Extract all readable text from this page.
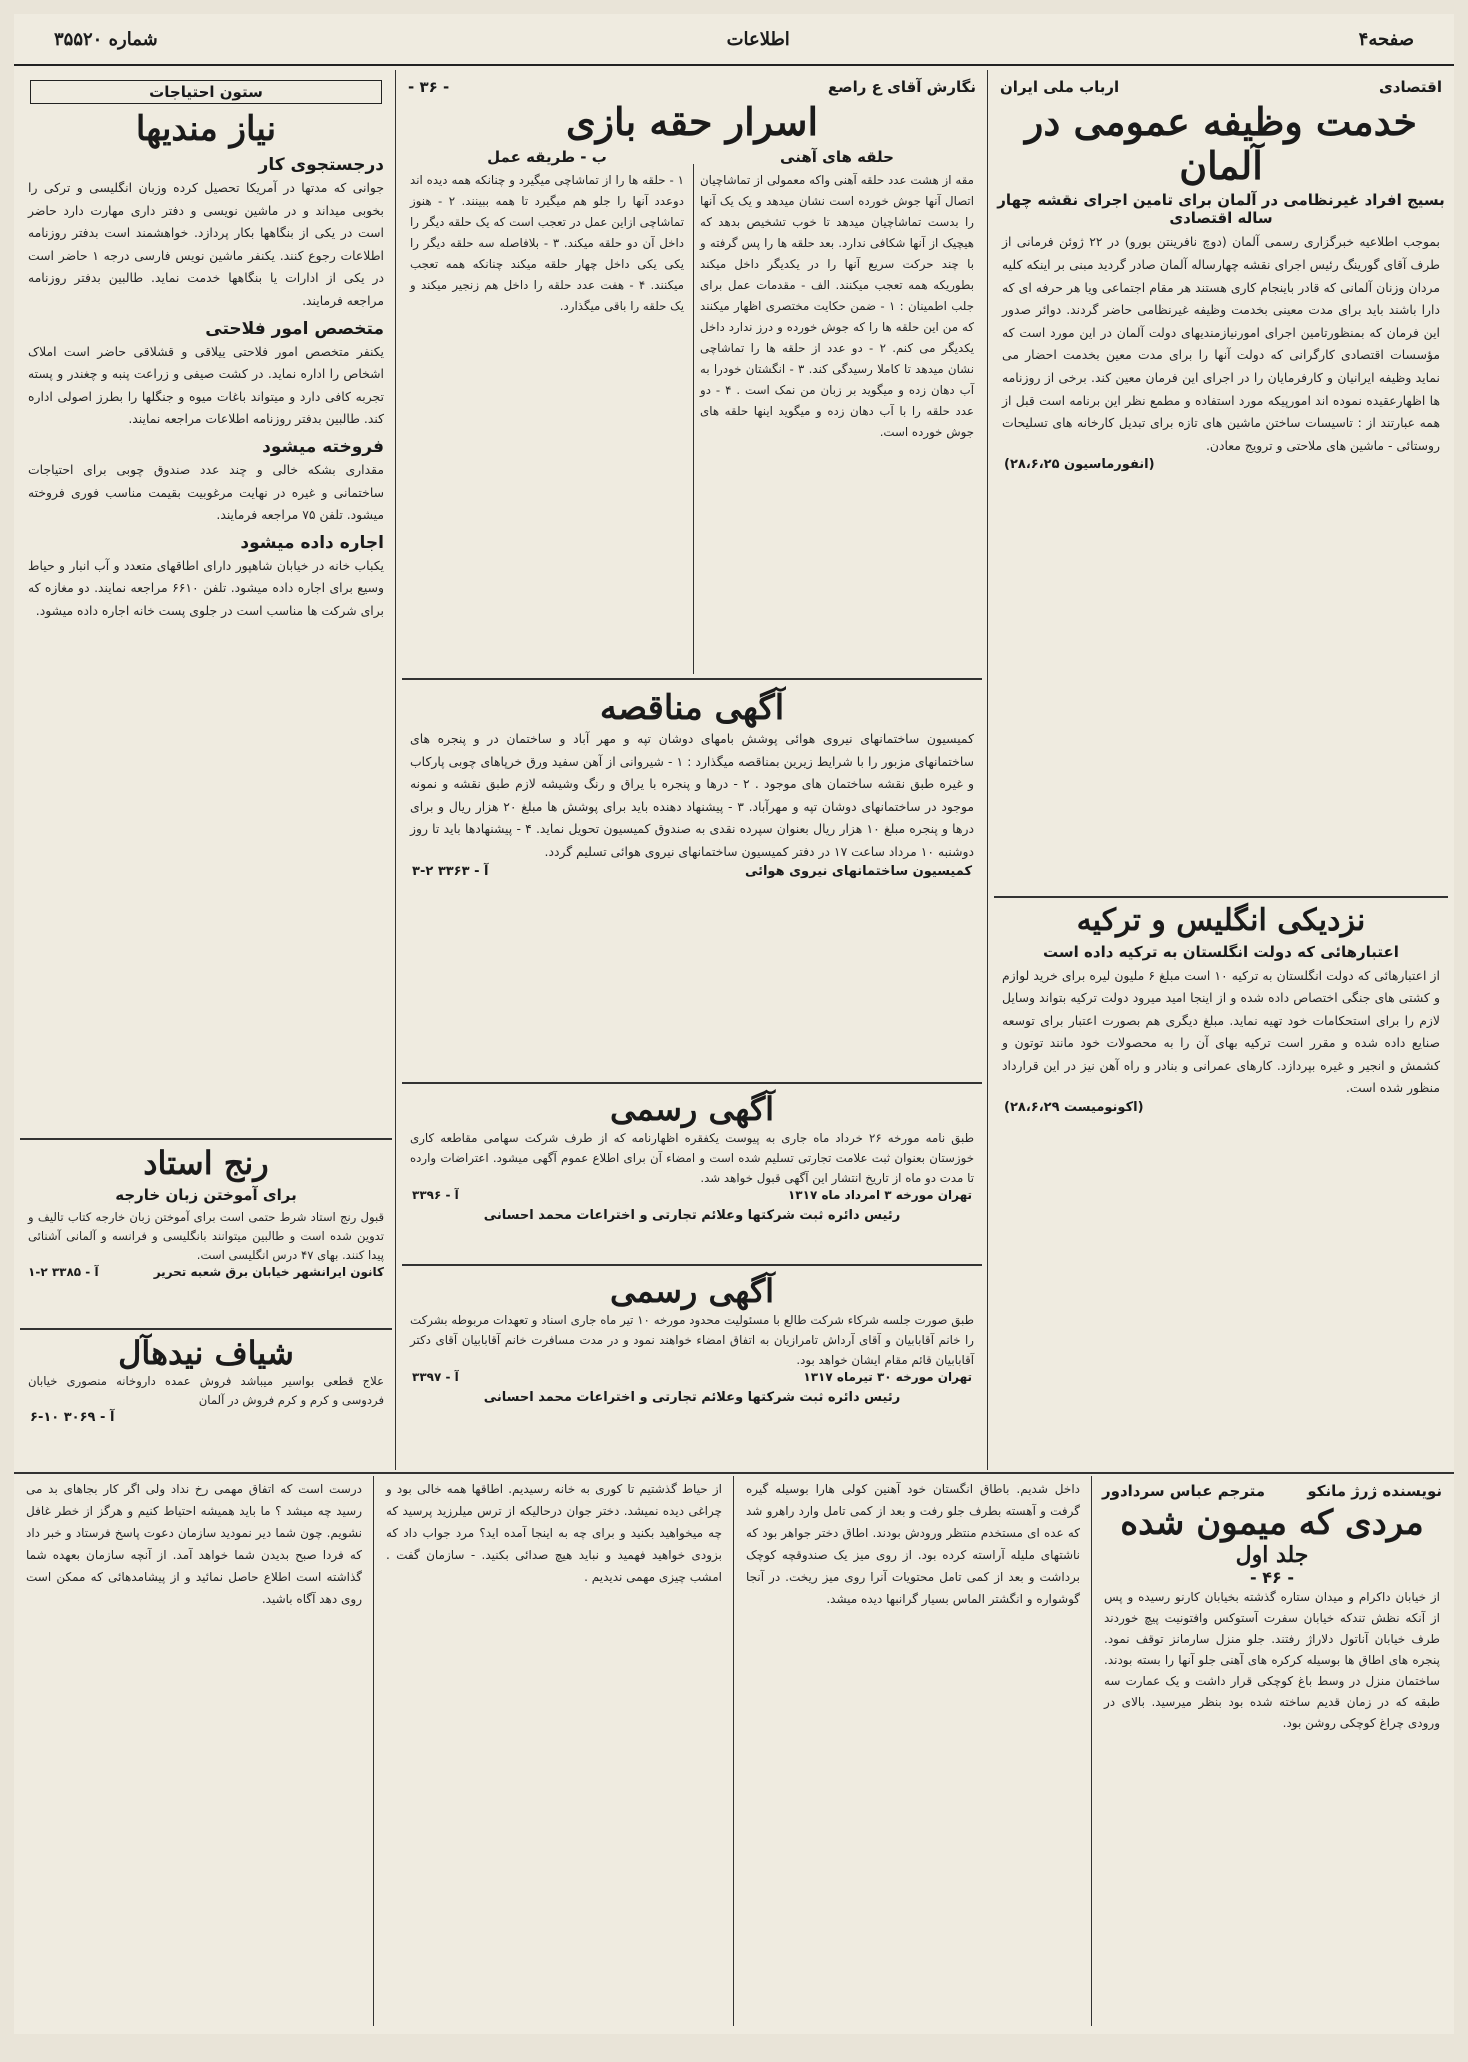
صفحه۴
اطلاعات
شماره ۳۵۵۲۰
اقتصادی
ارباب ملی ایران
خدمت وظیفه عمومی در آلمان
بسیج افراد غیرنظامی در آلمان برای تامین اجرای نقشه چهار ساله اقتصادی
بموجب اطلاعیه خبرگزاری رسمی آلمان (دوچ نافرینتن بورو) در ۲۲ ژوئن فرمانی از طرف آقای گورینگ رئیس اجرای نقشه چهارساله آلمان صادر گردید مبنی بر اینکه کلیه مردان وزنان آلمانی که قادر باینجام کاری هستند هر مقام اجتماعی ویا هر حرفه ای که دارا باشند باید برای مدت معینی بخدمت وظیفه غیرنظامی حاضر گردند. دوائر صدور این فرمان که بمنظورتامین اجرای امورنیازمندیهای دولت آلمان در این مورد است که مؤسسات اقتصادی کارگرانی که دولت آنها را برای مدت معین بخدمت احضار می نماید وظیفه ایرانیان و کارفرمایان را در اجرای این فرمان معین کند. برخی از روزنامه ها اظهارعقیده نموده اند امورپیکه مورد استفاده و مطمع نظر این برنامه است قبل از همه عبارتند از : تاسیسات ساختن ماشین های تازه برای تبدیل کارخانه های تسلیحات روستائی - ماشین های ملاحتی و ترویج معادن.
(انفورماسیون ۲۸،۶،۲۵)
نزدیکی انگلیس و ترکیه
اعتبارهائی که دولت انگلستان به ترکیه داده است
از اعتبارهائی که دولت انگلستان به ترکیه ۱۰ است مبلغ ۶ ملیون لیره برای خرید لوازم و کشتی های جنگی اختصاص داده شده و از اینجا امید میرود دولت ترکیه بتواند وسایل لازم را برای استحکامات خود تهیه نماید. مبلغ دیگری هم بصورت اعتبار برای توسعه صنایع داده شده و مقرر است ترکیه بهای آن را به محصولات خود مانند توتون و کشمش و انجیر و غیره بپردازد. کارهای عمرانی و بنادر و راه آهن نیز در این قرارداد منظور شده است.
(اکونومیست ۲۸،۶،۲۹)
نگارش آقای ع راصع
- ۳۶ -
اسرار حقه بازی
حلقه های آهنی
مقه از هشت عدد حلقه آهنی واکه معمولی از تماشاچیان اتصال آنها جوش خورده است نشان میدهد و یک یک آنها را بدست تماشاچیان میدهد تا خوب تشخیص بدهد که هیچیک از آنها شکافی ندارد. بعد حلقه ها را پس گرفته و با چند حرکت سریع آنها را در یکدیگر داخل میکند بطوریکه همه تعجب میکنند. الف - مقدمات عمل برای جلب اطمینان : ۱ - ضمن حکایت مختصری اظهار میکنند که من این حلقه ها را که جوش خورده و درز ندارد داخل یکدیگر می کنم. ۲ - دو عدد از حلقه ها را تماشاچی نشان میدهد تا کاملا رسیدگی کند. ۳ - انگشتان خودرا به آب دهان زده و میگوید بر زبان من نمک است . ۴ - دو عدد حلقه را با آب دهان زده و میگوید اینها حلقه های جوش خورده است.
ب - طریقه عمل
۱ - حلقه ها را از تماشاچی میگیرد و چنانکه همه دیده اند دوعدد آنها را جلو هم میگیرد تا همه ببینند. ۲ - هنوز تماشاچی ازاین عمل در تعجب است که یک حلقه دیگر را داخل آن دو حلقه میکند. ۳ - بلافاصله سه حلقه دیگر را یکی یکی داخل چهار حلقه میکند چنانکه همه تعجب میکنند. ۴ - هفت عدد حلقه را داخل هم زنجیر میکند و یک حلقه را باقی میگذارد.
آگهی مناقصه
کمیسیون ساختمانهای نیروی هوائی پوشش بامهای دوشان تپه و مهر آباد و ساختمان در و پنجره های ساختمانهای مزبور را با شرایط زیرین بمناقصه میگذارد : ۱ - شیروانی از آهن سفید ورق خرپاهای چوبی پارکاب و غیره طبق نقشه ساختمان های موجود . ۲ - درها و پنجره با یراق و رنگ وشیشه لازم طبق نقشه و نمونه موجود در ساختمانهای دوشان تپه و مهرآباد. ۳ - پیشنهاد دهنده باید برای پوشش ها مبلغ ۲۰ هزار ریال و برای درها و پنجره مبلغ ۱۰ هزار ریال بعنوان سپرده نقدی به صندوق کمیسیون تحویل نماید. ۴ - پیشنهادها باید تا روز دوشنبه ۱۰ مرداد ساعت ۱۷ در دفتر کمیسیون ساختمانهای نیروی هوائی تسلیم گردد.
کمیسیون ساختمانهای نیروی هوائی
آ - ۳۳۶۳ ۲-۳
آگهی رسمی
طبق نامه مورخه ۲۶ خرداد ماه جاری به پیوست یکفقره اظهارنامه که از طرف شرکت سهامی مقاطعه کاری خوزستان بعنوان ثبت علامت تجارتی تسلیم شده است و امضاء آن برای اطلاع عموم آگهی میشود. اعتراضات وارده تا مدت دو ماه از تاریخ انتشار این آگهی قبول خواهد شد.
تهران مورخه ۳ امرداد ماه ۱۳۱۷
آ - ۳۳۹۶
رئیس دائره ثبت شرکتها وعلائم تجارتی و اختراعات محمد احسانی
آگهی رسمی
طبق صورت جلسه شرکاء شرکت طالع با مسئولیت محدود مورخه ۱۰ تیر ماه جاری اسناد و تعهدات مربوطه بشرکت را خانم آقابابیان و آقای آرداش تامرازیان به اتفاق امضاء خواهند نمود و در مدت مسافرت خانم آقابابیان آقای دکتر آقابابیان قائم مقام ایشان خواهد بود.
تهران مورخه ۳۰ تیرماه ۱۳۱۷
آ - ۳۳۹۷
رئیس دائره ثبت شرکتها وعلائم تجارتی و اختراعات محمد احسانی
ستون احتیاجات
نیاز مندیها
درجستجوی کار
جوانی که مدتها در آمریکا تحصیل کرده وزبان انگلیسی و ترکی را بخوبی میداند و در ماشین نویسی و دفتر داری مهارت دارد حاضر است در یکی از بنگاهها بکار پردازد. خواهشمند است بدفتر روزنامه اطلاعات رجوع کنند. یکنفر ماشین نویس فارسی درجه ۱ حاضر است در یکی از ادارات یا بنگاهها خدمت نماید. طالبین بدفتر روزنامه مراجعه فرمایند.
متخصص امور فلاحتی
یکنفر متخصص امور فلاحتی ییلاقی و قشلاقی حاضر است املاک اشخاص را اداره نماید. در کشت صیفی و زراعت پنبه و چغندر و پسته تجربه کافی دارد و میتواند باغات میوه و جنگلها را بطرز اصولی اداره کند. طالبین بدفتر روزنامه اطلاعات مراجعه نمایند.
فروخته میشود
مقداری بشکه خالی و چند عدد صندوق چوبی برای احتیاجات ساختمانی و غیره در نهایت مرغوبیت بقیمت مناسب فوری فروخته میشود. تلفن ۷۵ مراجعه فرمایند.
اجاره داده میشود
یکباب خانه در خیابان شاهپور دارای اطاقهای متعدد و آب انبار و حیاط وسیع برای اجاره داده میشود. تلفن ۶۶۱۰ مراجعه نمایند. دو مغازه که برای شرکت ها مناسب است در جلوی پست خانه اجاره داده میشود.
رنج استاد
برای آموختن زبان خارجه
قبول رنج استاد شرط حتمی است برای آموختن زبان خارجه کتاب تالیف و تدوین شده است و طالبین میتوانند بانگلیسی و فرانسه و آلمانی آشنائی پیدا کنند. بهای ۴۷ درس انگلیسی است.
کانون ایرانشهر خیابان برق شعبه تحریر
آ - ۳۳۸۵ ۲-۱
شیاف نیدهآل
علاج قطعی بواسیر میباشد فروش عمده داروخانه منصوری خیابان فردوسی و کرم و کرم فروش در آلمان
آ - ۳۰۶۹ ۱۰-۶
نویسنده ژرژ مانکو
مترجم عباس سردادور
مردی که میمون شده
جلد اول
- ۴۶ -
از خیابان داکرام و میدان ستاره گذشته بخیابان کارنو رسیده و پس از آنکه نظش تندکه خیابان سفرت آستوکس وافتونیت پیچ خوردند طرف خیابان آناتول دلاراژ رفتند. جلو منزل سارمانز توقف نمود. پنجره های اطاق ها بوسیله کرکره های آهنی جلو آنها را بسته بودند. ساختمان منزل در وسط باغ کوچکی قرار داشت و یک عمارت سه طبقه که در زمان قدیم ساخته شده بود بنظر میرسید. بالای در ورودی چراغ کوچکی روشن بود.
داخل شدیم. باطاق انگستان خود آهنین کولی هارا بوسیله گیره گرفت و آهسته بطرف جلو رفت و بعد از کمی تامل وارد راهرو شد که عده ای مستخدم منتظر ورودش بودند. اطاق دختر جواهر بود که ناشتهای ملیله آراسته کرده بود. از روی میز یک صندوقچه کوچک برداشت و بعد از کمی تامل محتویات آنرا روی میز ریخت. در آنجا گوشواره و انگشتر الماس بسیار گرانبها دیده میشد.
از حیاط گذشتیم تا کوری به خانه رسیدیم. اطاقها همه خالی بود و چراغی دیده نمیشد. دختر جوان درحالیکه از ترس میلرزید پرسید که چه میخواهید بکنید و برای چه به اینجا آمده اید؟ مرد جواب داد که بزودی خواهید فهمید و نباید هیچ صدائی بکنید. - سازمان گفت . امشب چیزی مهمی ندیدیم .
درست است که اتفاق مهمی رخ نداد ولی اگر کار بجاهای بد می رسید چه میشد ؟ ما باید همیشه احتیاط کنیم و هرگز از خطر غافل نشویم. چون شما دیر نمودید سازمان دعوت پاسخ فرستاد و خبر داد که فردا صبح بدیدن شما خواهد آمد. از آنچه سازمان بعهده شما گذاشته است اطلاع حاصل نمائید و از پیشامدهائی که ممکن است روی دهد آگاه باشید.
